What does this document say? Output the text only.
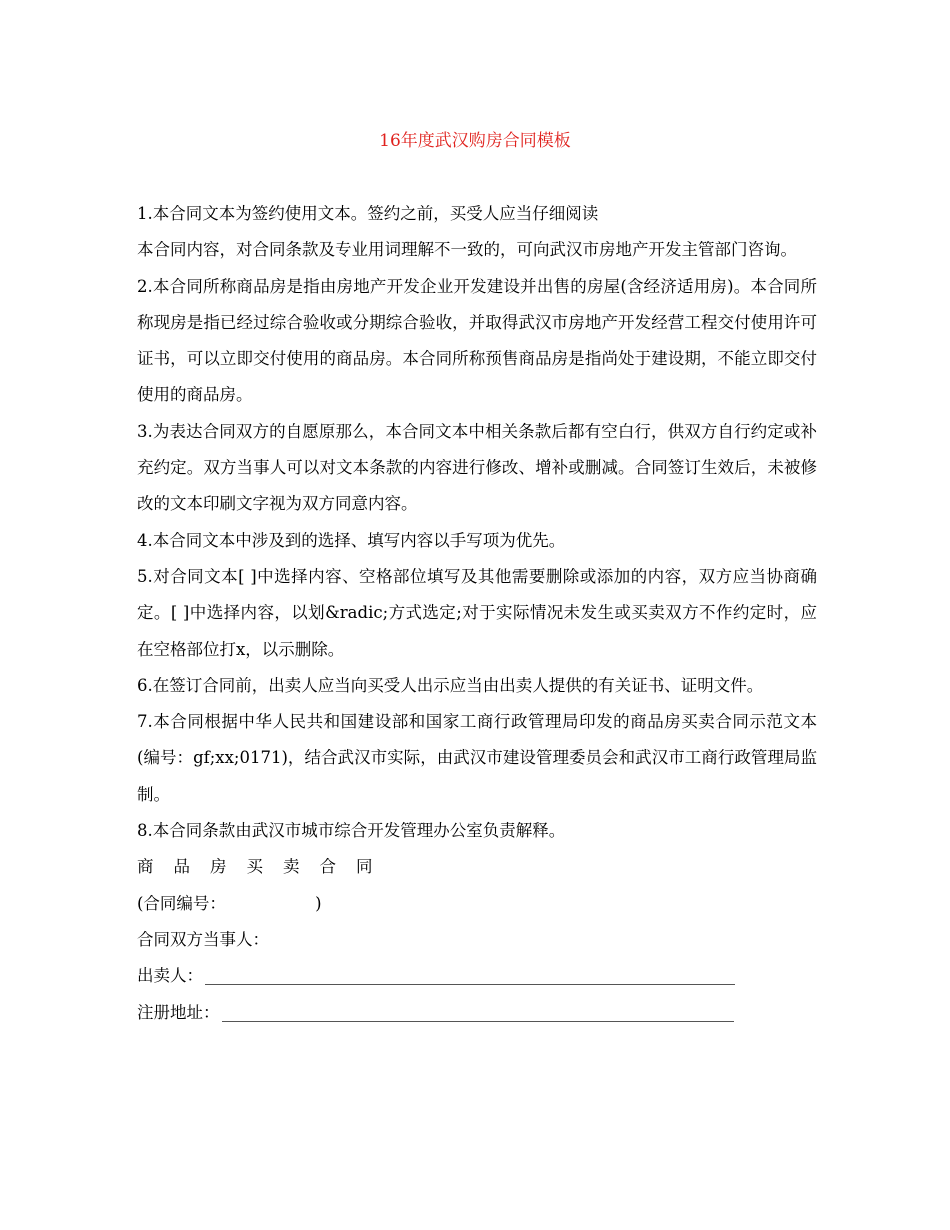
16年度武汉购房合同模板

1.本合同文本为签约使用文本。签约之前，买受人应当仔细阅读

本合同内容，对合同条款及专业用词理解不一致的，可向武汉市房地产开发主管部门咨询。

2.本合同所称商品房是指由房地产开发企业开发建设并出售的房屋(含经济适用房)。本合同所称现房是指已经过综合验收或分期综合验收，并取得武汉市房地产开发经营工程交付使用许可证书，可以立即交付使用的商品房。本合同所称预售商品房是指尚处于建设期，不能立即交付使用的商品房。

3.为表达合同双方的自愿原那么，本合同文本中相关条款后都有空白行，供双方自行约定或补充约定。双方当事人可以对文本条款的内容进行修改、增补或删减。合同签订生效后，未被修改的文本印刷文字视为双方同意内容。

4.本合同文本中涉及到的选择、填写内容以手写项为优先。

5.对合同文本[ ]中选择内容、空格部位填写及其他需要删除或添加的内容，双方应当协商确定。[ ]中选择内容，以划&radic;方式选定;对于实际情况未发生或买卖双方不作约定时，应在空格部位打x，以示删除。

6.在签订合同前，出卖人应当向买受人出示应当由出卖人提供的有关证书、证明文件。

7.本合同根据中华人民共和国建设部和国家工商行政管理局印发的商品房买卖合同示范文本(编号：gf;xx;0171)，结合武汉市实际，由武汉市建设管理委员会和武汉市工商行政管理局监制。

8.本合同条款由武汉市城市综合开发管理办公室负责解释。

商品房买卖合同

(合同编号：                 )

合同双方当事人：

出卖人：

注册地址：
